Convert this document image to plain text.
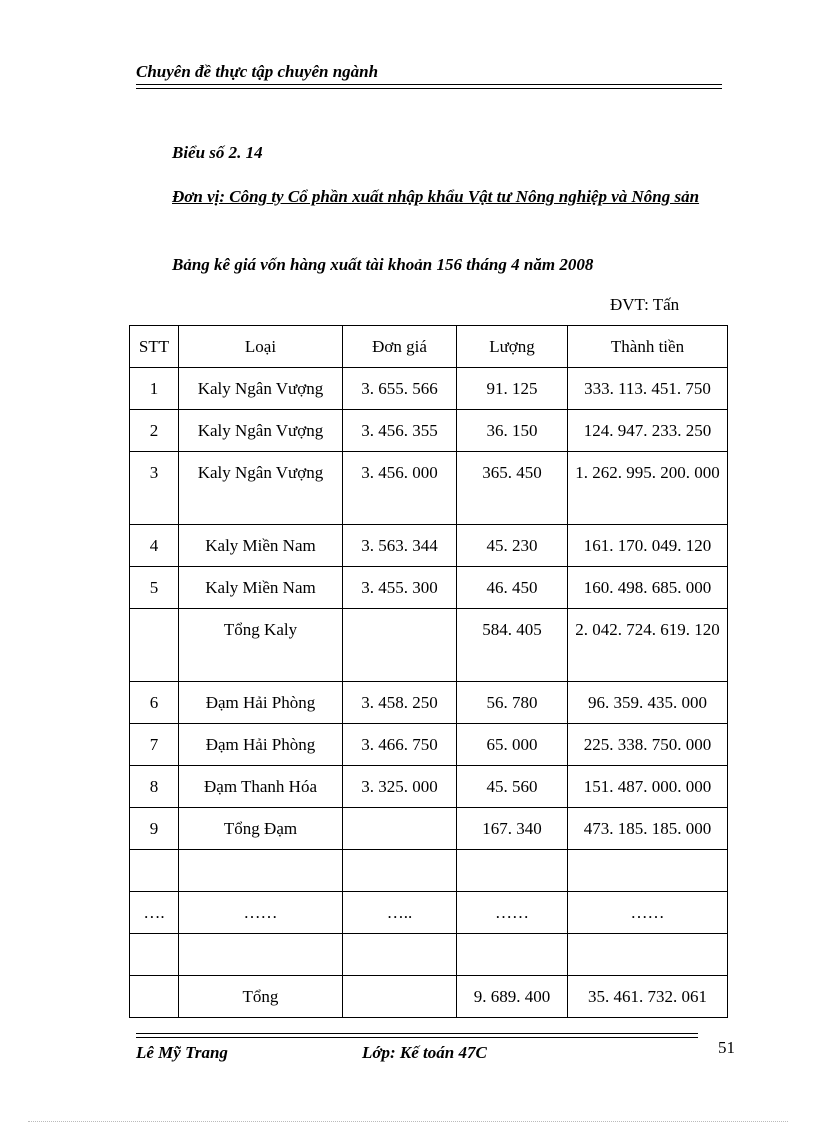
Chuyên đề thực tập chuyên ngành
Biểu số 2. 14
Đơn vị: Công ty Cổ phần xuất nhập khẩu Vật tư Nông nghiệp và Nông sản
Bảng kê giá vốn hàng xuất tài khoản 156 tháng 4 năm 2008
ĐVT: Tấn
STT	Loại	Đơn giá	Lượng	Thành tiền
1	Kaly Ngân Vượng	3. 655. 566	91. 125	333. 113. 451. 750
2	Kaly Ngân Vượng	3. 456. 355	36. 150	124. 947. 233. 250
3	Kaly Ngân Vượng	3. 456. 000	365. 450	1. 262. 995. 200. 000
4	Kaly Miền Nam	3. 563. 344	45. 230	161. 170. 049. 120
5	Kaly Miền Nam	3. 455. 300	46. 450	160. 498. 685. 000
	Tổng Kaly		584. 405	2. 042. 724. 619. 120
6	Đạm Hải Phòng	3. 458. 250	56. 780	96. 359. 435. 000
7	Đạm Hải Phòng	3. 466. 750	65. 000	225. 338. 750. 000
8	Đạm Thanh Hóa	3. 325. 000	45. 560	151. 487. 000. 000
9	Tổng Đạm		167. 340	473. 185. 185. 000

….	……	…..	……	……

	Tổng		9. 689. 400	35. 461. 732. 061
Lê Mỹ Trang	Lớp: Kế toán 47C	51
